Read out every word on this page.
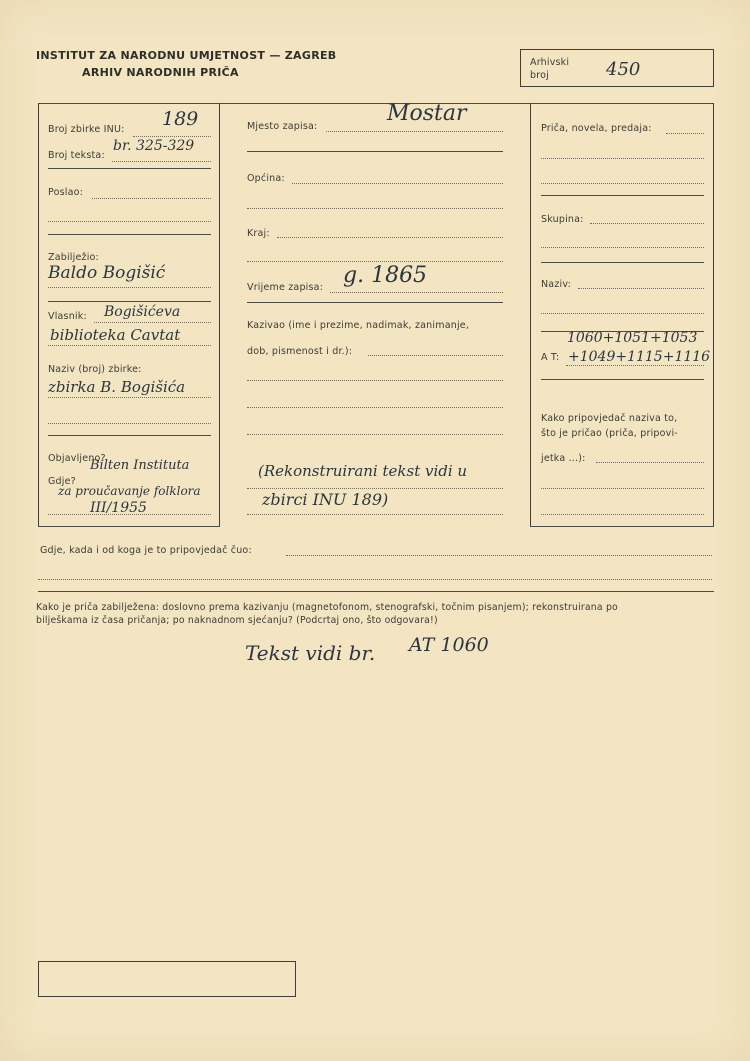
INSTITUT ZA NARODNU UMJETNOST — ZAGREB
ARHIV NARODNIH PRIČA
Arhivski broj	450
Broj zbirke INU: 189
Broj teksta:
br. 325-329
Poslao:
Zabilježio:
Baldo Bogišić
Vlasnik: Bogišićeva
biblioteka Cavtat
Naziv (broj) zbirke:
zbirka B. Bogišića
Objavljeno?
Bilten Instituta
Gdje?
za proučavanje folklora
III/1955
Mjesto zapisa:
Mostar
Općina:
Kraj:
Vrijeme zapisa: g. 1865
Kazivao (ime i prezime, nadimak, zanimanje,
dob, pismenost i dr.):
(Rekonstruirani tekst vidi u
zbirci INU 189)
Priča, novela, predaja:
Skupina:
Naziv:
1060+1051+1053
A T: +1049+1115+1116
Kako pripovjedač naziva to,
što je pričao (priča, pripovi-
jetka ...):
Gdje, kada i od koga je to pripovjedač čuo:
Kako je priča zabilježena: doslovno prema kazivanju (magnetofonom, stenografski, točnim pisanjem); rekonstruirana po
bilješkama iz časa pričanja; po naknadnom sjećanju? (Podcrtaj ono, što odgovara!)
Tekst vidi br. AT 1060
